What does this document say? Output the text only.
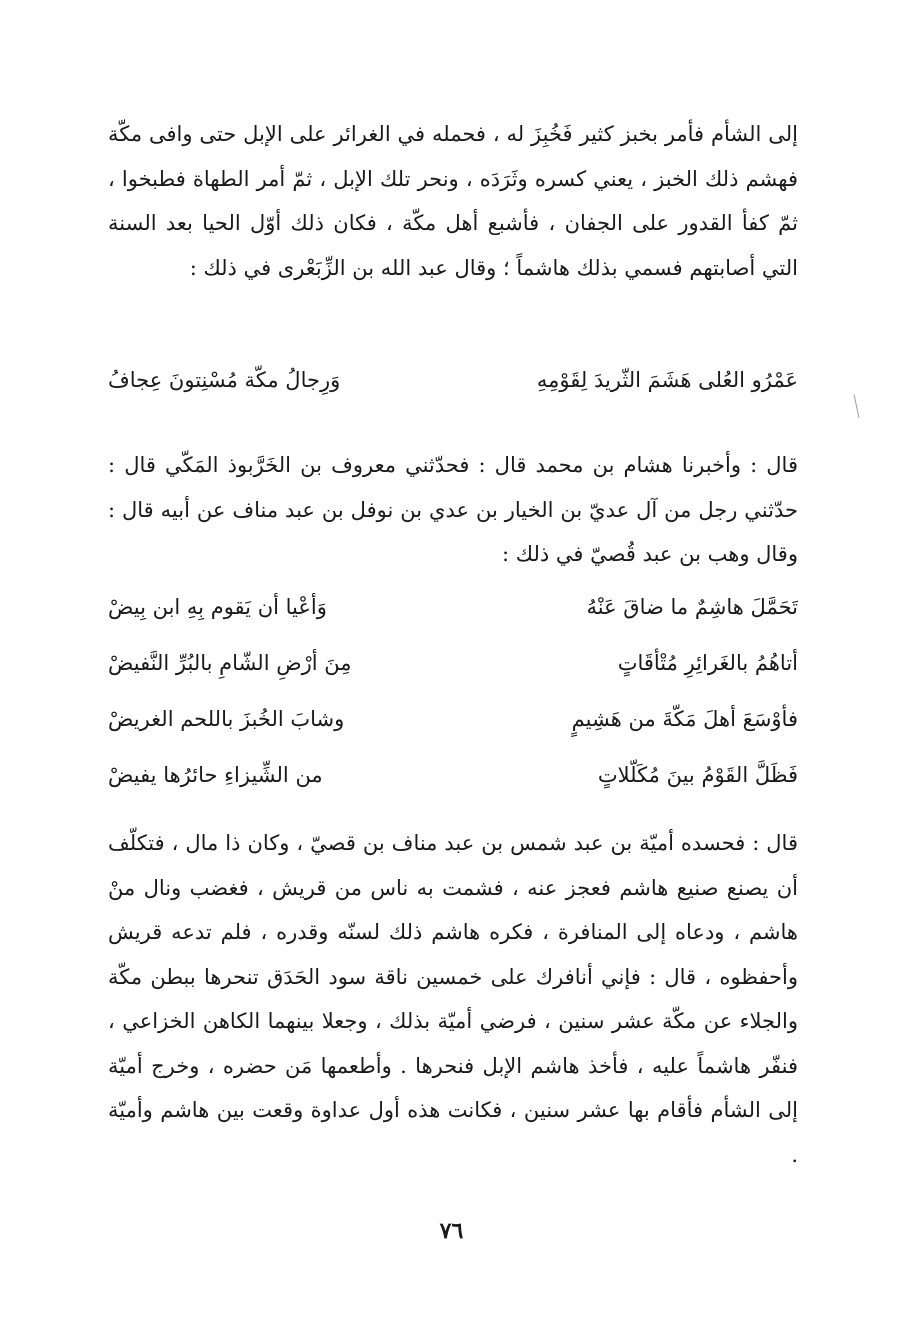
إلى الشأم فأمر بخبز كثير فَخُبِزَ له ، فحمله في الغرائر على الإبل حتى وافى مكّة فهشم ذلك الخبز ، يعني كسره وثَرَدَه ، ونحر تلك الإبل ، ثمّ أمر الطهاة فطبخوا ، ثمّ كفأ القدور على الجفان ، فأشبع أهل مكّة ، فكان ذلك أوّل الحيا بعد السنة التي أصابتهم فسمي بذلك هاشماً ؛ وقال عبد الله بن الزِّبَعْرى في ذلك :
عَمْرُو العُلى هَشَمَ الثّريدَ لِقَوْمِهِ
وَرِجالُ مكّة مُسْنِتونَ عِجافُ
قال : وأخبرنا هشام بن محمد قال : فحدّثني معروف بن الخَرَّبوذ المَكّي قال : حدّثني رجل من آل عديّ بن الخيار بن عدي بن نوفل بن عبد مناف عن أبيه قال : وقال وهب بن عبد قُصيّ في ذلك :
تَحَمَّلَ هاشِمٌ ما ضاقَ عَنْهُ
وَأعْيا أن يَقوم بِهِ ابن بِيضْ
أتاهُمُ بالغَرائِرِ مُتْأقَاتٍ
مِنَ أرْضِ الشّامِ بالبُرِّ النَّفيضْ
فأوْسَعَ أهلَ مَكّةَ من هَشِيمٍ
وشابَ الخُبزَ باللحم الغريضْ
فَظَلَّ القَوْمُ بينَ مُكَلّلاتٍ
من الشِّيزاءِ حائرُها يفيضْ
قال : فحسده أميّة بن عبد شمس بن عبد مناف بن قصيّ ، وكان ذا مال ، فتكلّف أن يصنع صنيع هاشم فعجز عنه ، فشمت به ناس من قريش ، فغضب ونال منْ هاشم ، ودعاه إلى المنافرة ، فكره هاشم ذلك لسنّه وقدره ، فلم تدعه قريش وأحفظوه ، قال : فإني أنافرك على خمسين ناقة سود الحَدَق تنحرها ببطن مكّة والجلاء عن مكّة عشر سنين ، فرضي أميّة بذلك ، وجعلا بينهما الكاهن الخزاعي ، فنفّر هاشماً عليه ، فأخذ هاشم الإبل فنحرها . وأطعمها مَن حضره ، وخرج أميّة إلى الشأم فأقام بها عشر سنين ، فكانت هذه أول عداوة وقعت بين هاشم وأميّة .
٧٦
